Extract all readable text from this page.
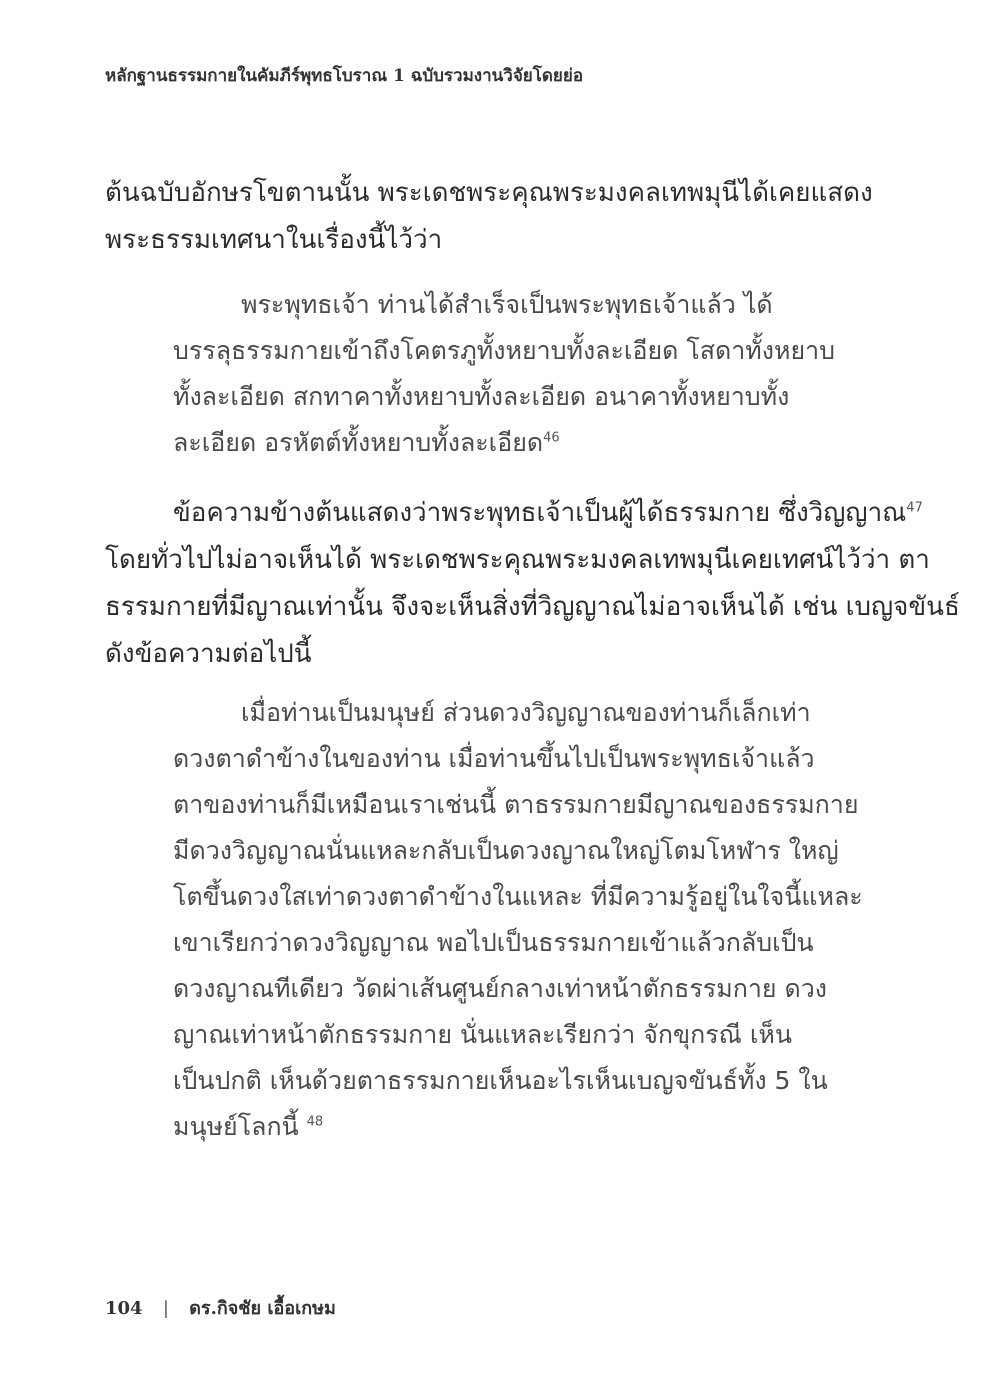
หลักฐานธรรมกายในคัมภีร์พุทธโบราณ 1 ฉบับรวมงานวิจัยโดยย่อ
ต้นฉบับอักษรโขตานนั้น พระเดชพระคุณพระมงคลเทพมุนีได้เคยแสดง
พระธรรมเทศนาในเรื่องนี้ไว้ว่า
พระพุทธเจ้า ท่านได้สำเร็จเป็นพระพุทธเจ้าแล้ว ได้
บรรลุธรรมกายเข้าถึงโคตรภูทั้งหยาบทั้งละเอียด โสดาทั้งหยาบ
ทั้งละเอียด สกทาคาทั้งหยาบทั้งละเอียด อนาคาทั้งหยาบทั้ง
ละเอียด อรหัตต์ทั้งหยาบทั้งละเอียด$^{46}$
ข้อความข้างต้นแสดงว่าพระพุทธเจ้าเป็นผู้ได้ธรรมกาย ซึ่งวิญญาณ$^{47}$
โดยทั่วไปไม่อาจเห็นได้ พระเดชพระคุณพระมงคลเทพมุนีเคยเทศน์ไว้ว่า ตา
ธรรมกายที่มีญาณเท่านั้น จึงจะเห็นสิ่งที่วิญญาณไม่อาจเห็นได้ เช่น เบญจขันธ์
ดังข้อความต่อไปนี้
เมื่อท่านเป็นมนุษย์ ส่วนดวงวิญญาณของท่านก็เล็กเท่า
ดวงตาดำข้างในของท่าน เมื่อท่านขึ้นไปเป็นพระพุทธเจ้าแล้ว
ตาของท่านก็มีเหมือนเราเช่นนี้ ตาธรรมกายมีญาณของธรรมกาย
มีดวงวิญญาณนั่นแหละกลับเป็นดวงญาณใหญ่โตมโหฬาร ใหญ่
โตขึ้นดวงใสเท่าดวงตาดำข้างในแหละ ที่มีความรู้อยู่ในใจนี้แหละ
เขาเรียกว่าดวงวิญญาณ พอไปเป็นธรรมกายเข้าแล้วกลับเป็น
ดวงญาณทีเดียว วัดผ่าเส้นศูนย์กลางเท่าหน้าตักธรรมกาย ดวง
ญาณเท่าหน้าตักธรรมกาย นั่นแหละเรียกว่า จักขุกรณี เห็น
เป็นปกติ เห็นด้วยตาธรรมกายเห็นอะไรเห็นเบญจขันธ์ทั้ง 5 ใน
มนุษย์โลกนี้ $^{48}$
104 | ดร.กิจชัย เอื้อเกษม
